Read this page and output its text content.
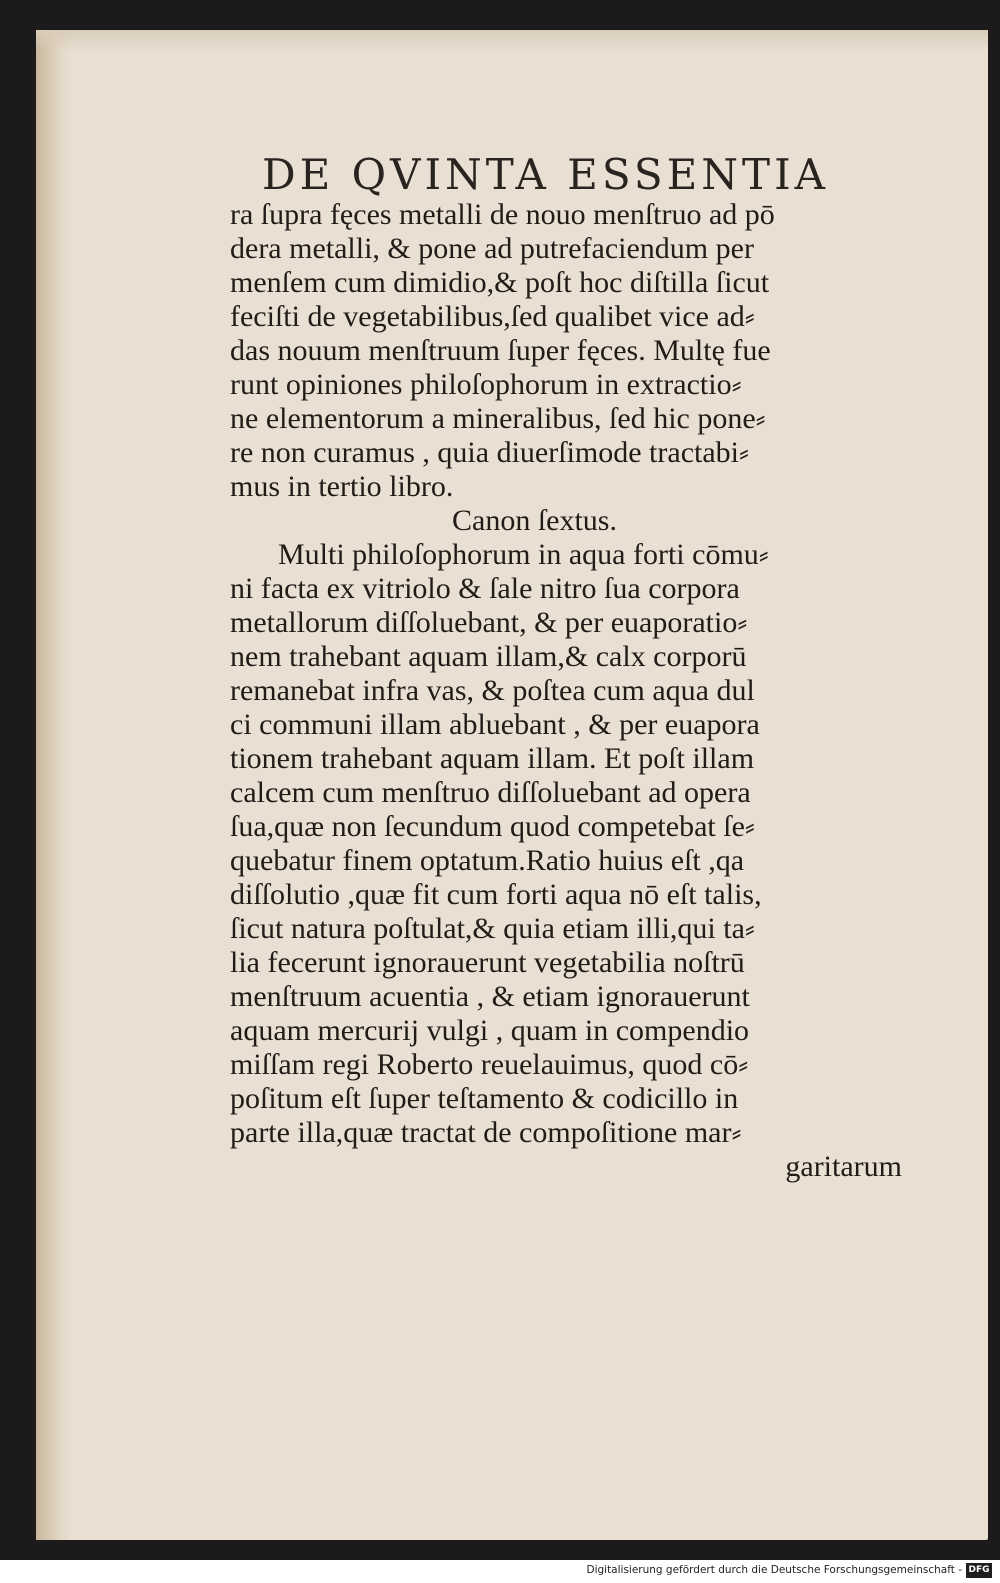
DE QVINTA ESSENTIA
ra ſupra fęces metalli de nouo menſtruo ad pō
dera metalli, & pone ad putrefaciendum per
menſem cum dimidio,& poſt hoc diſtilla ſicut
feciſti de vegetabilibus,ſed qualibet vice ad⸗
das nouum menſtruum ſuper fęces. Multę fue
runt opiniones philoſophorum in extractio⸗
ne elementorum a mineralibus, ſed hic pone⸗
re non curamus , quia diuerſimode tractabi⸗
mus in tertio libro.
Canon ſextus.
Multi philoſophorum in aqua forti cōmu⸗
ni facta ex vitriolo & ſale nitro ſua corpora
metallorum diſſoluebant, & per euaporatio⸗
nem trahebant aquam illam,& calx corporū
remanebat infra vas, & poſtea cum aqua dul
ci communi illam abluebant , & per euapora
tionem trahebant aquam illam. Et poſt illam
calcem cum menſtruo diſſoluebant ad opera
ſua,quæ non ſecundum quod competebat ſe⸗
quebatur finem optatum.Ratio huius eſt ,qa
diſſolutio ,quæ fit cum forti aqua nō eſt talis,
ſicut natura poſtulat,& quia etiam illi,qui ta⸗
lia fecerunt ignorauerunt vegetabilia noſtrū
menſtruum acuentia , & etiam ignorauerunt
aquam mercurij vulgi , quam in compendio
miſſam regi Roberto reuelauimus, quod cō⸗
poſitum eſt ſuper teſtamento & codicillo in
parte illa,quæ tractat de compoſitione mar⸗
garitarum
Digitalisierung gefördert durch die Deutsche Forschungsgemeinschaft - DFG
